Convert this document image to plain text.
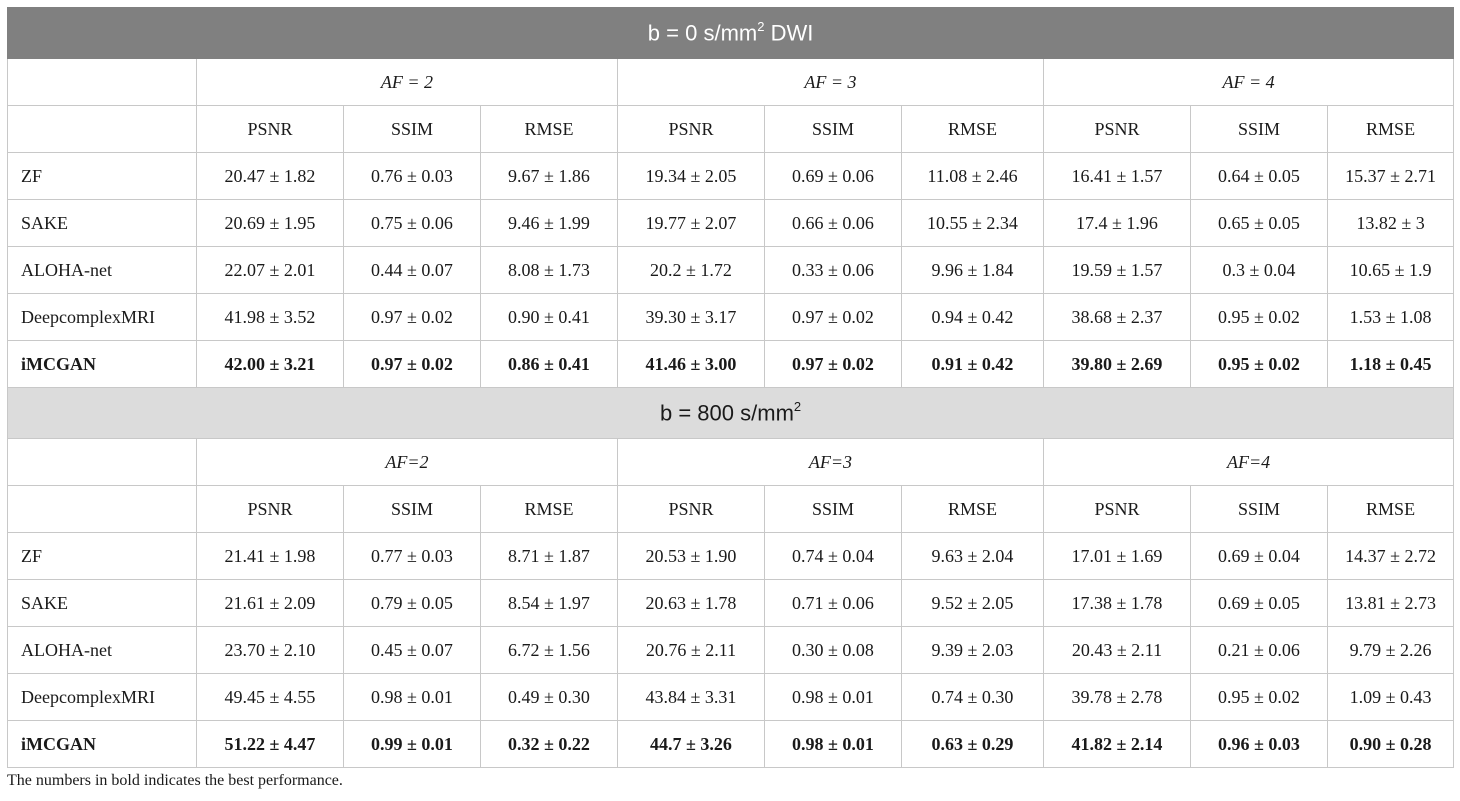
b = 0 $s/mm^2$ DWI									
	AF = 2			AF = 3			AF = 4		
	PSNR	SSIM	RMSE	PSNR	SSIM	RMSE	PSNR	SSIM	RMSE
ZF	20.47 ± 1.82	0.76 ± 0.03	9.67 ± 1.86	19.34 ± 2.05	0.69 ± 0.06	11.08 ± 2.46	16.41 ± 1.57	0.64 ± 0.05	15.37 ± 2.71
SAKE	20.69 ± 1.95	0.75 ± 0.06	9.46 ± 1.99	19.77 ± 2.07	0.66 ± 0.06	10.55 ± 2.34	17.4 ± 1.96	0.65 ± 0.05	13.82 ± 3
ALOHA-net	22.07 ± 2.01	0.44 ± 0.07	8.08 ± 1.73	20.2 ± 1.72	0.33 ± 0.06	9.96 ± 1.84	19.59 ± 1.57	0.3 ± 0.04	10.65 ± 1.9
DeepcomplexMRI	41.98 ± 3.52	0.97 ± 0.02	0.90 ± 0.41	39.30 ± 3.17	0.97 ± 0.02	0.94 ± 0.42	38.68 ± 2.37	0.95 ± 0.02	1.53 ± 1.08
iMCGAN	42.00 ± 3.21	0.97 ± 0.02	0.86 ± 0.41	41.46 ± 3.00	0.97 ± 0.02	0.91 ± 0.42	39.80 ± 2.69	0.95 ± 0.02	1.18 ± 0.45
b = 800 $s/mm^2$
	AF=2			AF=3			AF=4		
	PSNR	SSIM	RMSE	PSNR	SSIM	RMSE	PSNR	SSIM	RMSE
ZF	21.41 ± 1.98	0.77 ± 0.03	8.71 ± 1.87	20.53 ± 1.90	0.74 ± 0.04	9.63 ± 2.04	17.01 ± 1.69	0.69 ± 0.04	14.37 ± 2.72
SAKE	21.61 ± 2.09	0.79 ± 0.05	8.54 ± 1.97	20.63 ± 1.78	0.71 ± 0.06	9.52 ± 2.05	17.38 ± 1.78	0.69 ± 0.05	13.81 ± 2.73
ALOHA-net	23.70 ± 2.10	0.45 ± 0.07	6.72 ± 1.56	20.76 ± 2.11	0.30 ± 0.08	9.39 ± 2.03	20.43 ± 2.11	0.21 ± 0.06	9.79 ± 2.26
DeepcomplexMRI	49.45 ± 4.55	0.98 ± 0.01	0.49 ± 0.30	43.84 ± 3.31	0.98 ± 0.01	0.74 ± 0.30	39.78 ± 2.78	0.95 ± 0.02	1.09 ± 0.43
iMCGAN	51.22 ± 4.47	0.99 ± 0.01	0.32 ± 0.22	44.7 ± 3.26	0.98 ± 0.01	0.63 ± 0.29	41.82 ± 2.14	0.96 ± 0.03	0.90 ± 0.28
The numbers in bold indicates the best performance.
